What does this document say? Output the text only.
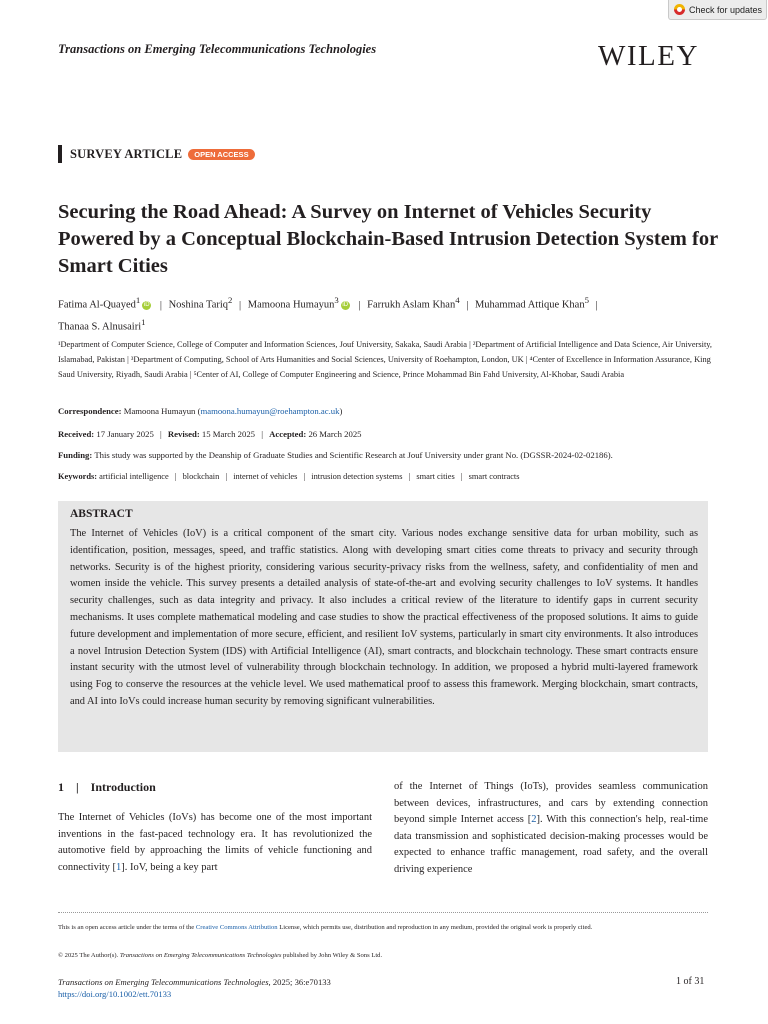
Check for updates
Transactions on Emerging Telecommunications Technologies	WILEY
SURVEY ARTICLE	OPEN ACCESS
Securing the Road Ahead: A Survey on Internet of Vehicles Security Powered by a Conceptual Blockchain-Based Intrusion Detection System for Smart Cities
Fatima Al-Quayed$^1$ iD | Noshina Tariq$^2$ | Mamoona Humayun$^3$ iD | Farrukh Aslam Khan$^4$ | Muhammad Attique Khan$^5$ |
Thanaa S. Alnusairi$^1$
¹Department of Computer Science, College of Computer and Information Sciences, Jouf University, Sakaka, Saudi Arabia | ²Department of Artificial Intelligence and Data Science, Air University, Islamabad, Pakistan | ³Department of Computing, School of Arts Humanities and Social Sciences, University of Roehampton, London, UK | ⁴Center of Excellence in Information Assurance, King Saud University, Riyadh, Saudi Arabia | ⁵Center of AI, College of Computer Engineering and Science, Prince Mohammad Bin Fahd University, Al-Khobar, Saudi Arabia
Correspondence: Mamoona Humayun (mamoona.humayun@roehampton.ac.uk)
Received: 17 January 2025 | Revised: 15 March 2025 | Accepted: 26 March 2025
Funding: This study was supported by the Deanship of Graduate Studies and Scientific Research at Jouf University under grant No. (DGSSR-2024-02-02186).
Keywords: artificial intelligence | blockchain | internet of vehicles | intrusion detection systems | smart cities | smart contracts
ABSTRACT
The Internet of Vehicles (IoV) is a critical component of the smart city. Various nodes exchange sensitive data for urban mobility, such as identification, position, messages, speed, and traffic statistics. Along with developing smart cities come threats to privacy and security through networks. Security is of the highest priority, considering various security-privacy risks from the wellness, safety, and confidentiality of men and women inside the vehicle. This survey presents a detailed analysis of state-of-the-art and evolving security challenges to IoV systems. It handles security challenges, such as data integrity and privacy. It also includes a critical review of the literature to identify gaps in current security mechanisms. It uses complete mathematical modeling and case studies to show the practical effectiveness of the proposed solutions. It aims to guide future development and implementation of more secure, efficient, and resilient IoV systems, particularly in smart city environments. It also introduces a novel Intrusion Detection System (IDS) with Artificial Intelligence (AI), smart contracts, and blockchain technology. These smart contracts ensure instant security with the utmost level of vulnerability through blockchain technology. In addition, we proposed a hybrid multi-layered framework using Fog to conserve the resources at the vehicle level. We used mathematical proof to assess this framework. Merging blockchain, smart contracts, and AI into IoVs could increase human security by removing significant vulnerabilities.
1 | Introduction
The Internet of Vehicles (IoVs) has become one of the most important inventions in the fast-paced technology era. It has revolutionized the automotive field by approaching the limits of vehicle functioning and connectivity [1]. IoV, being a key part
of the Internet of Things (IoTs), provides seamless communication between devices, infrastructures, and cars by extending connection beyond simple Internet access [2]. With this connection's help, real-time data transmission and sophisticated decision-making processes would be expected to enhance traffic management, road safety, and the overall driving experience
This is an open access article under the terms of the Creative Commons Attribution License, which permits use, distribution and reproduction in any medium, provided the original work is properly cited.
© 2025 The Author(s). Transactions on Emerging Telecommunications Technologies published by John Wiley & Sons Ltd.
Transactions on Emerging Telecommunications Technologies, 2025; 36:e70133
https://doi.org/10.1002/ett.70133
1 of 31
